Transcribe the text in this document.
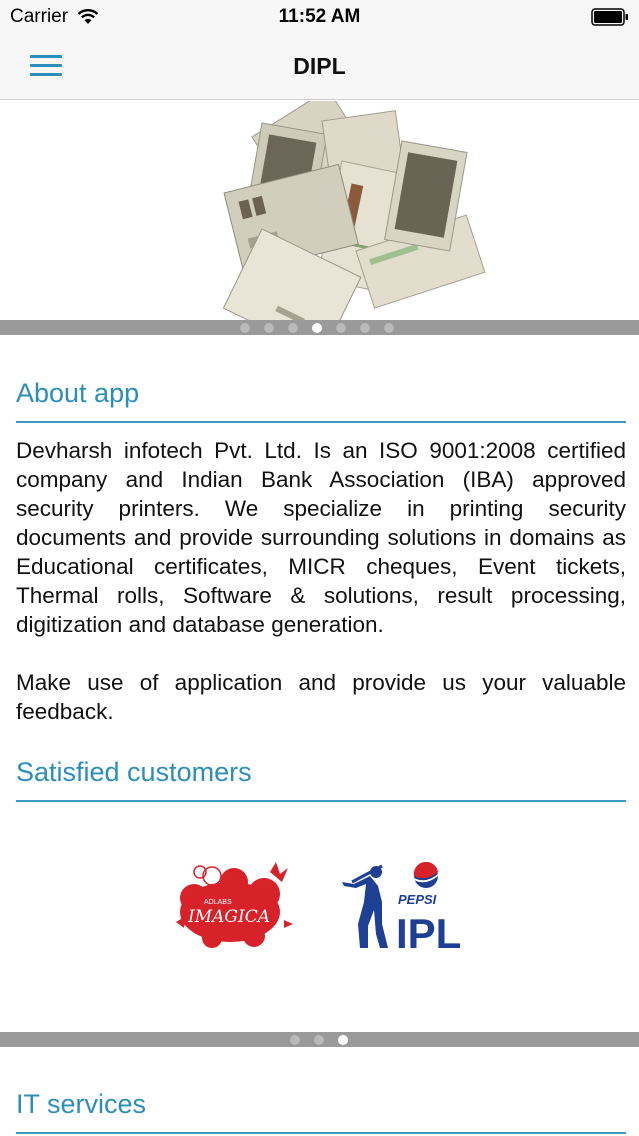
Carrier	11:52 AM
DIPL
About app

Devharsh infotech Pvt. Ltd. Is an ISO 9001:2008 certified company and Indian Bank Association (IBA) approved security printers. We specialize in printing security documents and provide surrounding solutions in domains as Educational certificates, MICR cheques, Event tickets, Thermal rolls, Software & solutions, result processing, digitization and database generation.

Make use of application and provide us your valuable feedback.

Satisfied customers
ADLABS
IMAGICA
PEPSI
IPL
IT services
